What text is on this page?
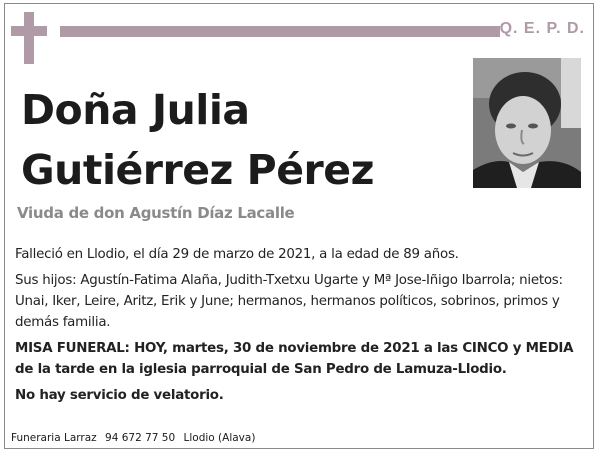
Q. E. P. D.
Doña Julia
Gutiérrez Pérez
Viuda de don Agustín Díaz Lacalle

Falleció en Llodio, el día 29 de marzo de 2021, a la edad de 89 años.

Sus hijos: Agustín-Fatima Alaña, Judith-Txetxu Ugarte y Mª Jose-Iñigo Ibarrola; nietos: Unai, Iker, Leire, Aritz, Erik y June; hermanos, hermanos políticos, sobrinos, primos y demás familia.

MISA FUNERAL: HOY, martes, 30 de noviembre de 2021 a las CINCO y MEDIA de la tarde en la iglesia parroquial de San Pedro de Lamuza-Llodio.

No hay servicio de velatorio.

Funeraria Larraz 94 672 77 50 Llodio (Alava)
